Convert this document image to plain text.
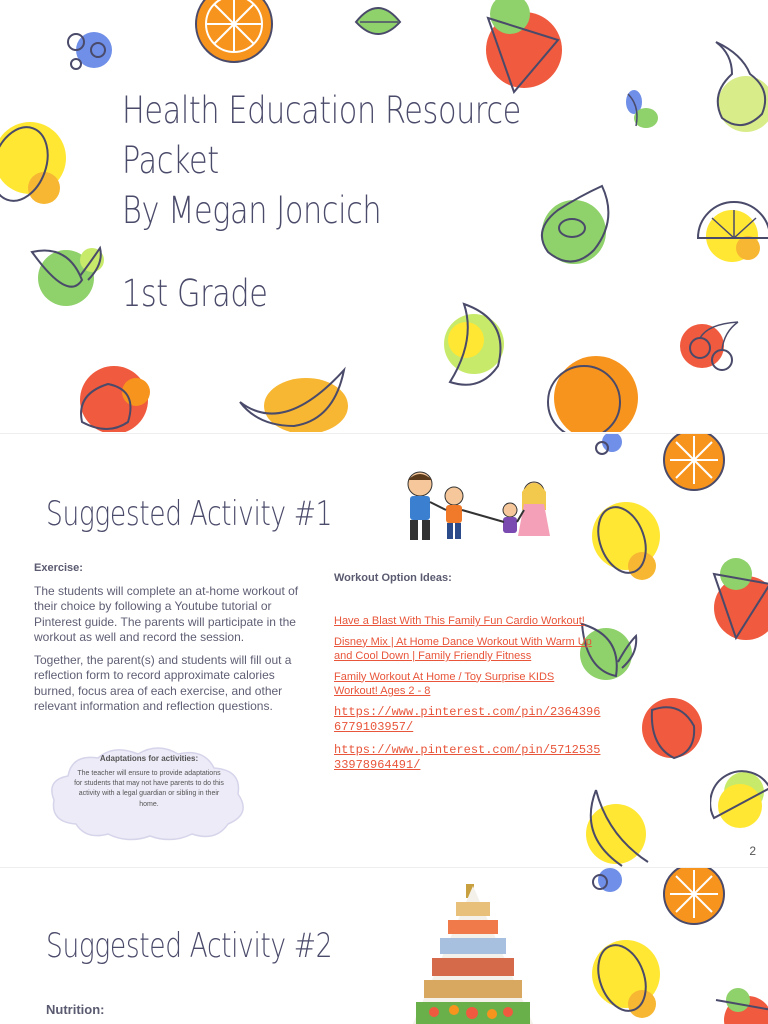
Health Education Resource
Packet
By Megan Joncich
1st Grade
Suggested Activity #1
Exercise:

The students will complete an at-home workout of their choice by following a Youtube tutorial or Pinterest guide. The parents will participate in the workout as well and record the session.

Together, the parent(s) and students will fill out a reflection form to record approximate calories burned, focus area of each exercise, and other relevant information and reflection questions.

Adaptations for activities:
The teacher will ensure to provide adaptations for students that may not have parents to do this activity with a legal guardian or sibling in their home.
Workout Option Ideas:
Have a Blast With This Family Fun Cardio Workout!
Disney Mix | At Home Dance Workout With Warm Up and Cool Down | Family Friendly Fitness
Family Workout At Home / Toy Surprise KIDS Workout! Ages 2 - 8
https://www.pinterest.com/pin/2364396 6779103957/
https://www.pinterest.com/pin/5712535 33978964491/
2
Suggested Activity #2
Nutrition:
